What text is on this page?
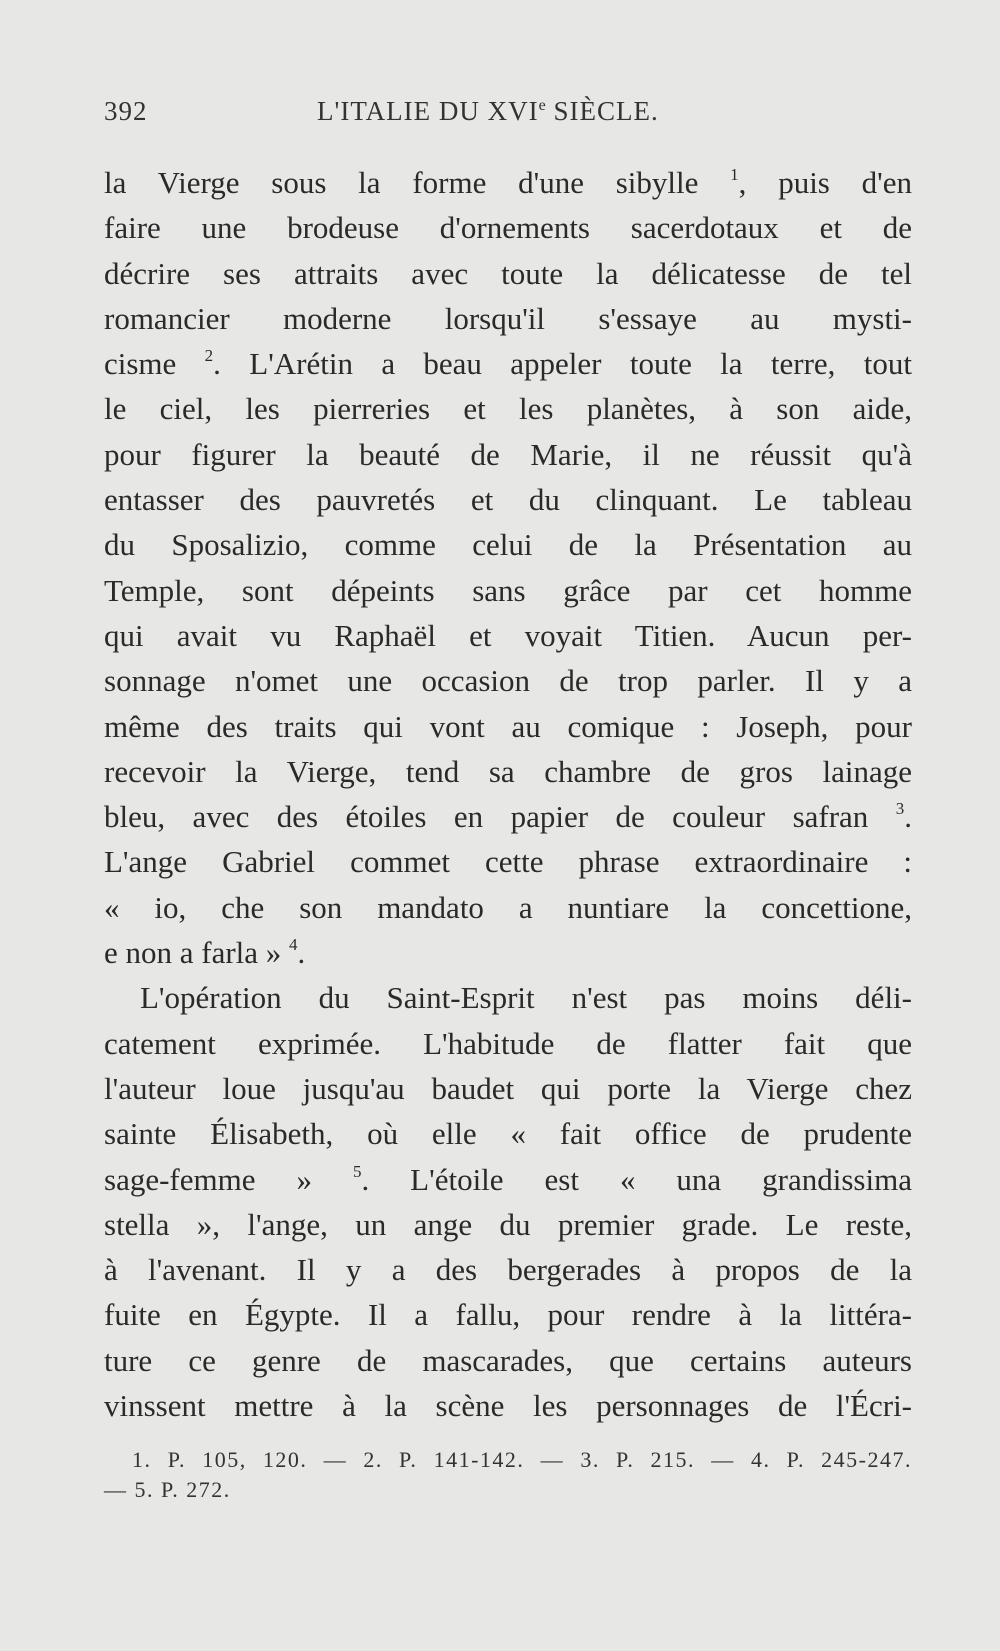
392	L'ITALIE DU XVIe SIÈCLE.
la Vierge sous la forme d'une sibylle $^1$, puis d'en
faire une brodeuse d'ornements sacerdotaux et de
décrire ses attraits avec toute la délicatesse de tel
romancier moderne lorsqu'il s'essaye au mysti-
cisme $^2$. L'Arétin a beau appeler toute la terre, tout
le ciel, les pierreries et les planètes, à son aide,
pour figurer la beauté de Marie, il ne réussit qu'à
entasser des pauvretés et du clinquant. Le tableau
du Sposalizio, comme celui de la Présentation au
Temple, sont dépeints sans grâce par cet homme
qui avait vu Raphaël et voyait Titien. Aucun per-
sonnage n'omet une occasion de trop parler. Il y a
même des traits qui vont au comique : Joseph, pour
recevoir la Vierge, tend sa chambre de gros lainage
bleu, avec des étoiles en papier de couleur safran $^3$.
L'ange Gabriel commet cette phrase extraordinaire :
« io, che son mandato a nuntiare la concettione,
e non a farla » $^4$.
L'opération du Saint-Esprit n'est pas moins déli-
catement exprimée. L'habitude de flatter fait que
l'auteur loue jusqu'au baudet qui porte la Vierge chez
sainte Élisabeth, où elle « fait office de prudente
sage-femme » $^5$. L'étoile est « una grandissima
stella », l'ange, un ange du premier grade. Le reste,
à l'avenant. Il y a des bergerades à propos de la
fuite en Égypte. Il a fallu, pour rendre à la littéra-
ture ce genre de mascarades, que certains auteurs
vinssent mettre à la scène les personnages de l'Écri-
1. P. 105, 120. — 2. P. 141-142. — 3. P. 215. — 4. P. 245-247.
— 5. P. 272.
